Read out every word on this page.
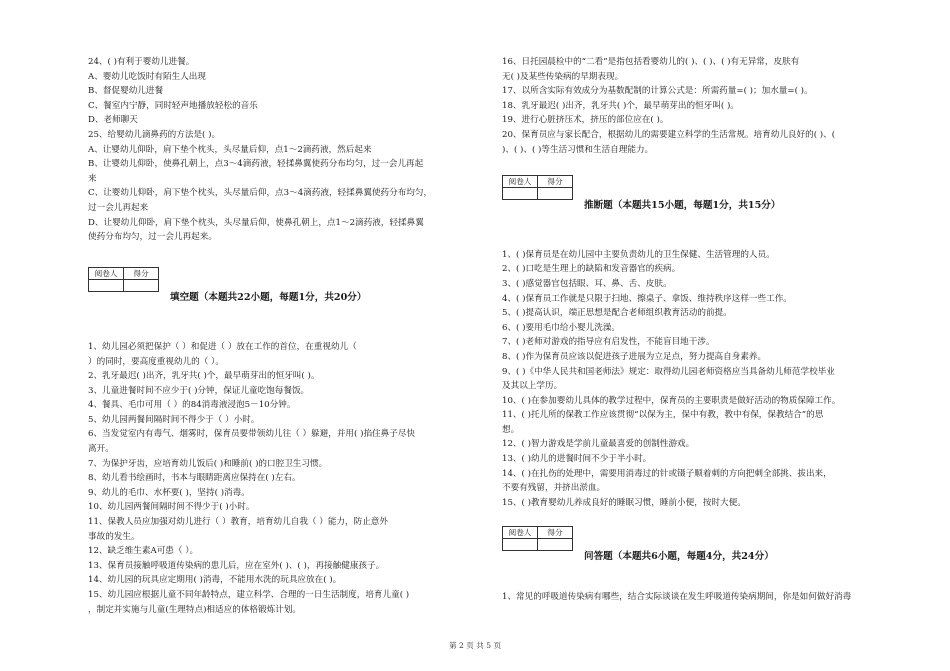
24、( )有利于婴幼儿进餐。
A、婴幼儿吃饭时有陌生人出现
B、督促婴幼儿进餐
C、餐室内宁静，同时轻声地播放轻松的音乐
D、老师聊天
25、给婴幼儿滴鼻药的方法是( )。
A、让婴幼儿仰卧，肩下垫个枕头，头尽量后仰，点1～2滴药液，然后起来
B、让婴幼儿仰卧，使鼻孔朝上，点3～4滴药液，轻揉鼻翼使药分布均匀，过一会儿再起
来
C、让婴幼儿仰卧，肩下垫个枕头，头尽量后仰，点3～4滴药液，轻揉鼻翼使药分布均匀，
过一会儿再起来
D、让婴幼儿仰卧，肩下垫个枕头，头尽量后仰，使鼻孔朝上，点1～2滴药液，轻揉鼻翼
使药分布均匀，过一会儿再起来。
阅卷人	得分

填空题（本题共22小题，每题1分，共20分）
1、幼儿园必须把保护（ ）和促进（ ）放在工作的首位，在重视幼儿（
）的同时，要高度重视幼儿的（ ）。
2、乳牙最迟( )出齐，乳牙共( )个，最早萌芽出的恒牙叫( )。
3、儿童进餐时间不应少于( )分钟，保证儿童吃饱每餐饭。
4、餐具、毛巾可用（ ）的84消毒液浸泡5－10分钟。
5、幼儿园两餐间隔时间不得少于（ ）小时。
6、当发觉室内有毒气、烟雾时，保育员要带领幼儿往（ ）躲避，并用( )掐住鼻子尽快
离开。
7、为保护牙齿，应培育幼儿饭后( )和睡前( )的口腔卫生习惯。
8、幼儿看书绘画时，书本与眼睛距离应保持在( )左右。
9、幼儿的毛巾、水杯要( )，坚持( )消毒。
10、幼儿园两餐间隔时间不得少于( )小时。
11、保教人员应加强对幼儿进行（ ）教育，培育幼儿自我（ ）能力，防止意外
事故的发生。
12、缺乏维生素A可患（ ）。
13、保育员接触呼吸道传染病的患儿后，应在室外( )、( )，再接触健康孩子。
14、幼儿园的玩具应定期用( )消毒，不能用水洗的玩具应放在( )。
15、幼儿园应根据儿童不同年龄特点，建立科学、合理的一日生活制度，培育儿童( )
，制定并实施与儿童(生理特点)相适应的体格锻炼计划。
16、日托园晨检中的“二看”是指包括看婴幼儿的( )、( )、( )有无异常，皮肤有
无( )及某些传染病的早期表现。
17、以所含实际有效成分为基数配制的计算公式是：所需药量=( )；加水量=( )。
18、乳牙最迟( )出齐，乳牙共( )个，最早萌芽出的恒牙叫( )。
19、进行心脏挤压术，挤压的部位应在( )。
20、保育员应与家长配合，根据幼儿的需要建立科学的生活常规。培育幼儿良好的( )、(
)、( )、( )等生活习惯和生活自理能力。
阅卷人	得分

推断题（本题共15小题，每题1分，共15分）
1、( )保育员是在幼儿园中主要负责幼儿的卫生保健、生活管理的人员。
2、( )口吃是生理上的缺陷和发音器官的疾病。
3、( )感觉器官包括眼、耳、鼻、舌、皮肤。
4、( )保育员工作就是只限于扫地、擦桌子、拿饭、维持秩序这样一些工作。
5、( )提高认识，端正思想是配合老师组织教育活动的前提。
6、( )要用毛巾给小婴儿洗澡。
7、( )老师对游戏的指导应有启发性，不能盲目地干涉。
8、( )作为保育员应该以促进孩子进展为立足点，努力提高自身素养。
9、( )《中华人民共和国老师法》规定：取得幼儿园老师资格应当具备幼儿师范学校毕业
及其以上学历。
10、( )在参加婴幼儿具体的教学过程中，保育员的主要职责是做好活动的物质保障工作。
11、( )托儿所的保教工作应该贯彻“以保为主，保中有教，教中有保，保教结合”的思
想。
12、( )智力游戏是学前儿童最喜爱的创制性游戏。
13、( )幼儿的进餐时间不少于半小时。
14、( )在扎伤的处理中，需要用消毒过的针或镊子顺着刺的方向把刺全部挑、拔出来，
不要有残留，并挤出淤血。
15、( )教育婴幼儿养成良好的睡眠习惯，睡前小便，按时大便。
阅卷人	得分

问答题（本题共6小题，每题4分，共24分）
1、常见的呼吸道传染病有哪些，结合实际谈谈在发生呼吸道传染病期间，你是如何做好消毒
第 2 页 共 5 页
